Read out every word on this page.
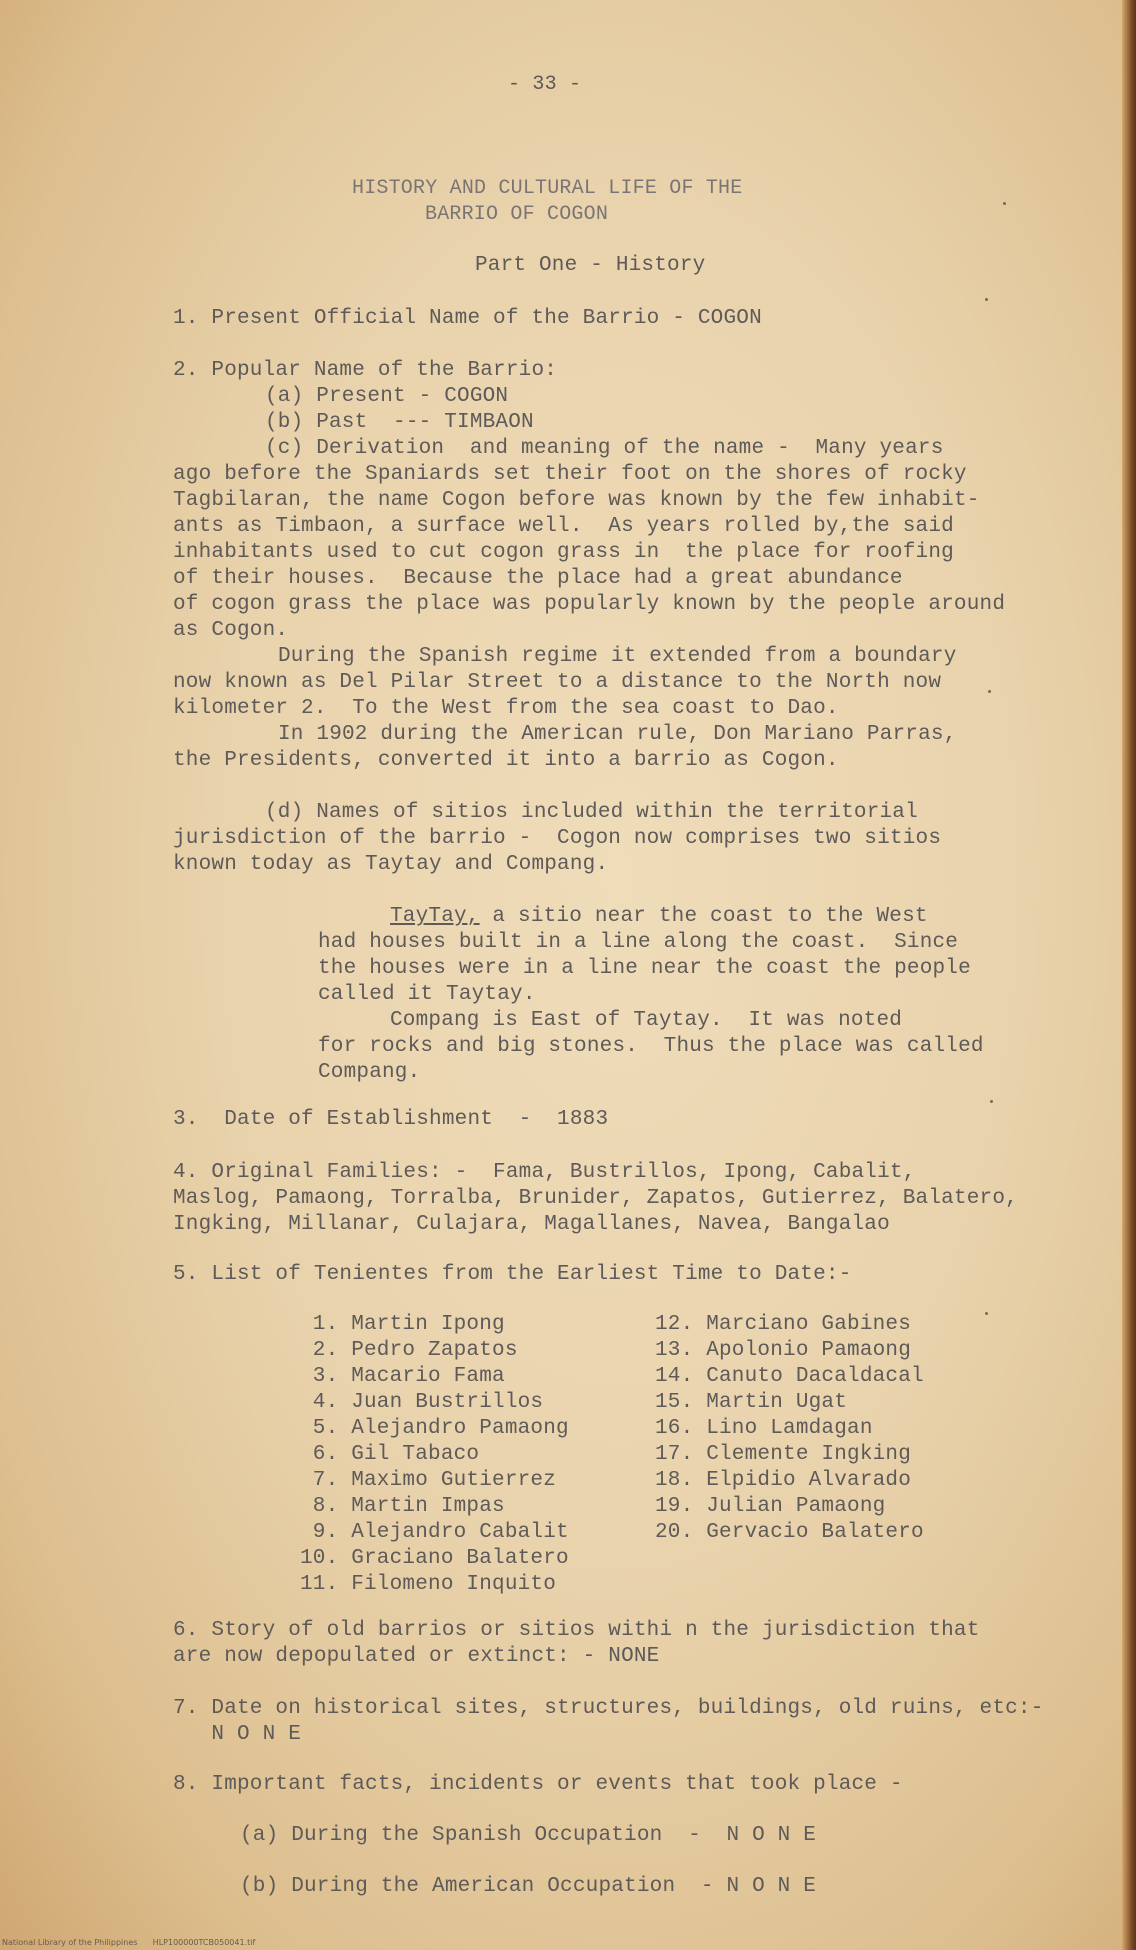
- 33 -
HISTORY AND CULTURAL LIFE OF THE
BARRIO OF COGON
Part One - History
1. Present Official Name of the Barrio - COGON
2. Popular Name of the Barrio:
(a) Present - COGON
(b) Past  --- TIMBAON
(c) Derivation  and meaning of the name -  Many years
ago before the Spaniards set their foot on the shores of rocky
Tagbilaran, the name Cogon before was known by the few inhabit-
ants as Timbaon, a surface well.  As years rolled by,the said
inhabitants used to cut cogon grass in  the place for roofing
of their houses.  Because the place had a great abundance
of cogon grass the place was popularly known by the people around
as Cogon.
During the Spanish regime it extended from a boundary
now known as Del Pilar Street to a distance to the North now
kilometer 2.  To the West from the sea coast to Dao.
In 1902 during the American rule, Don Mariano Parras,
the Presidents, converted it into a barrio as Cogon.
(d) Names of sitios included within the territorial
jurisdiction of the barrio -  Cogon now comprises two sitios
known today as Taytay and Compang.
TayTay, a sitio near the coast to the West
had houses built in a line along the coast.  Since
the houses were in a line near the coast the people
called it Taytay.
Compang is East of Taytay.  It was noted
for rocks and big stones.  Thus the place was called
Compang.
3.  Date of Establishment  -  1883
4. Original Families: -  Fama, Bustrillos, Ipong, Cabalit,
Maslog, Pamaong, Torralba, Brunider, Zapatos, Gutierrez, Balatero,
Ingking, Millanar, Culajara, Magallanes, Navea, Bangalao
5. List of Tenientes from the Earliest Time to Date:-
1. Martin Ipong
2. Pedro Zapatos
3. Macario Fama
4. Juan Bustrillos
5. Alejandro Pamaong
6. Gil Tabaco
7. Maximo Gutierrez
8. Martin Impas
9. Alejandro Cabalit
10. Graciano Balatero
11. Filomeno Inquito
12. Marciano Gabines
13. Apolonio Pamaong
14. Canuto Dacaldacal
15. Martin Ugat
16. Lino Lamdagan
17. Clemente Ingking
18. Elpidio Alvarado
19. Julian Pamaong
20. Gervacio Balatero
6. Story of old barrios or sitios withi n the jurisdiction that
are now depopulated or extinct: - NONE
7. Date on historical sites, structures, buildings, old ruins, etc:-
N O N E
8. Important facts, incidents or events that took place -
(a) During the Spanish Occupation  -  N O N E
(b) During the American Occupation  - N O N E
National Library of the Philippines      HLP100000TCB050041.tif
